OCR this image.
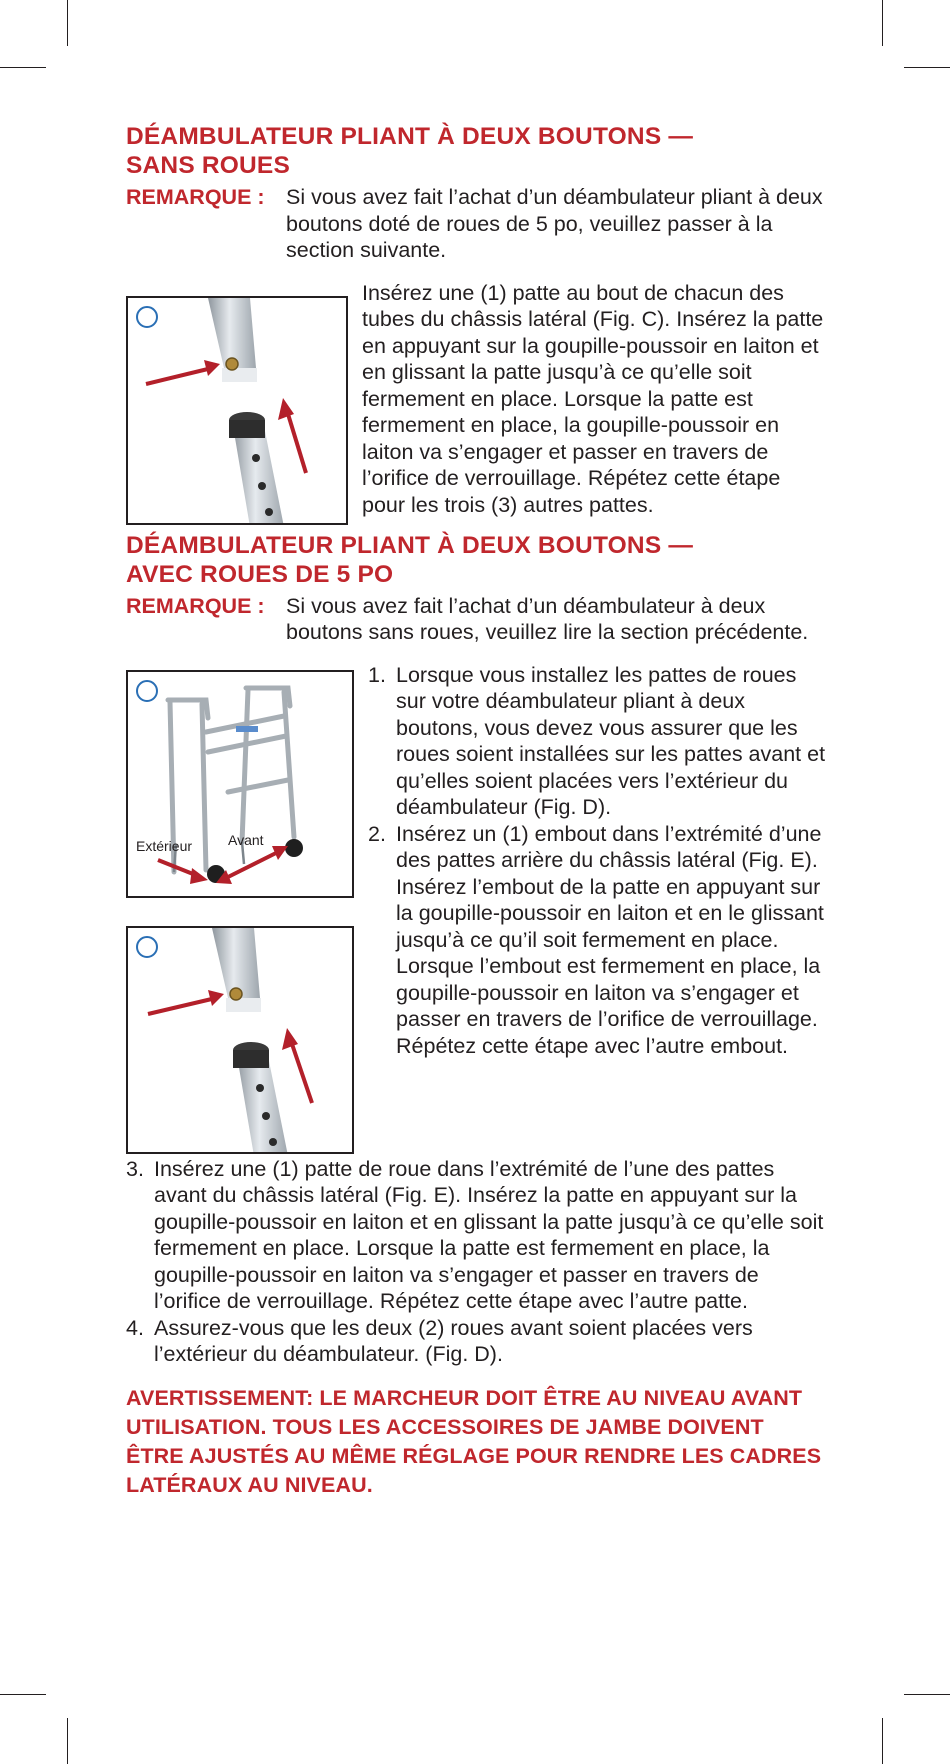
DÉAMBULATEUR PLIANT À DEUX BOUTONS —
SANS ROUES
REMARQUE : Si vous avez fait l’achat d’un déambulateur pliant à deux boutons doté de roues de 5 po, veuillez passer à la section suivante.
Insérez une (1) patte au bout de chacun des tubes du châssis latéral (Fig. C). Insérez la patte en appuyant sur la goupille-poussoir en laiton et en glissant la patte jusqu’à ce qu’elle soit fermement en place. Lorsque la patte est fermement en place, la goupille-poussoir en laiton va s’engager et passer en travers de l’orifice de verrouillage. Répétez cette étape pour les trois (3) autres pattes.
DÉAMBULATEUR PLIANT À DEUX BOUTONS —
AVEC ROUES DE 5 PO
REMARQUE : Si vous avez fait l’achat d’un déambulateur à deux boutons sans roues, veuillez lire la section précédente.
Extérieur	Avant
1. Lorsque vous installez les pattes de roues sur votre déambulateur pliant à deux boutons, vous devez vous assurer que les roues soient installées sur les pattes avant et qu’elles soient placées vers l’extérieur du déambulateur (Fig. D).
2. Insérez un (1) embout dans l’extrémité d’une des pattes arrière du châssis latéral (Fig. E). Insérez l’embout de la patte en appuyant sur la goupille-poussoir en laiton et en le glissant jusqu’à ce qu’il soit fermement en place. Lorsque l’embout est fermement en place, la goupille-poussoir en laiton va s’engager et passer en travers de l’orifice de verrouillage. Répétez cette étape avec l’autre embout.
3. Insérez une (1) patte de roue dans l’extrémité de l’une des pattes avant du châssis latéral (Fig. E). Insérez la patte en appuyant sur la goupille-poussoir en laiton et en glissant la patte jusqu’à ce qu’elle soit fermement en place. Lorsque la patte est fermement en place, la goupille-poussoir en laiton va s’engager et passer en travers de l’orifice de verrouillage. Répétez cette étape avec l’autre patte.
4. Assurez-vous que les deux (2) roues avant soient placées vers l’extérieur du déambulateur. (Fig. D).
AVERTISSEMENT: LE MARCHEUR DOIT ÊTRE AU NIVEAU AVANT UTILISATION. TOUS LES ACCESSOIRES DE JAMBE DOIVENT ÊTRE AJUSTÉS AU MÊME RÉGLAGE POUR RENDRE LES CADRES LATÉRAUX AU NIVEAU.
